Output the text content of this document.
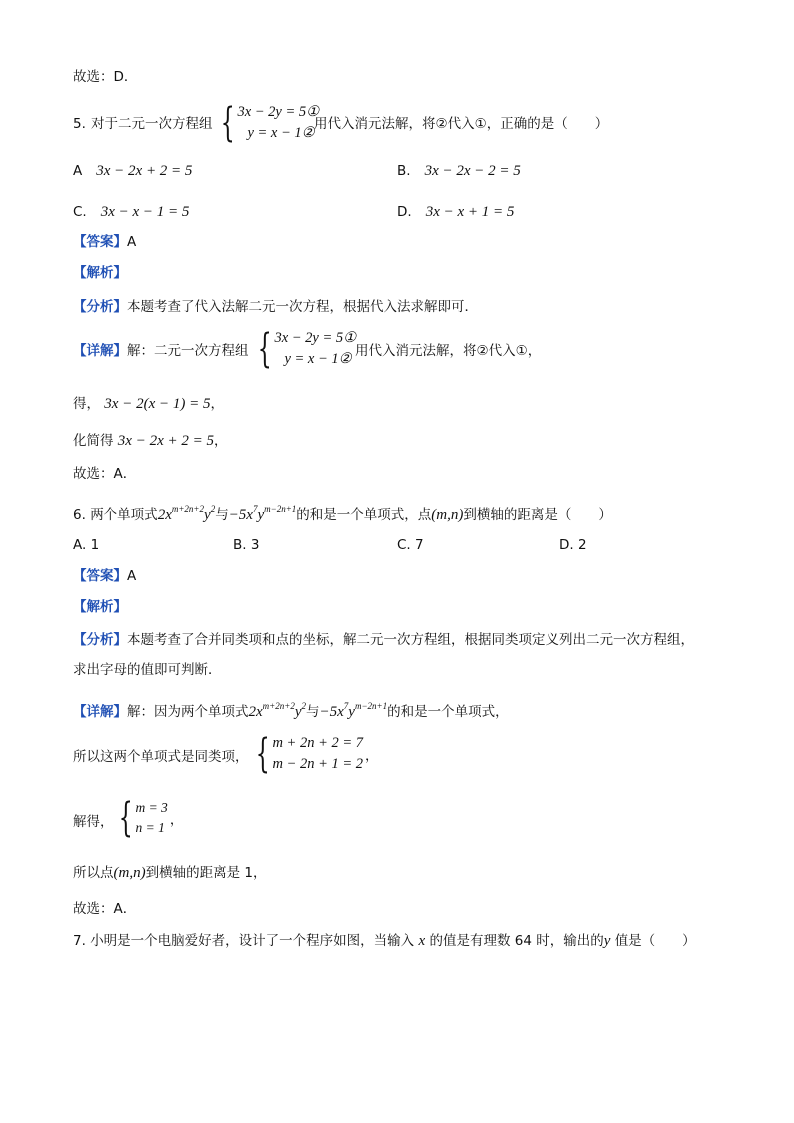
故选：D．
5. 对于二元一次方程组 { 3x − 2y = 5①
y = x − 1②
用代入消元法解，将②代入①，正确的是（　　）
A 3x − 2x + 2 = 5	B. 3x − 2x − 2 = 5
C. 3x − x − 1 = 5	D. 3x − x + 1 = 5
【答案】A
【解析】
【分析】本题考查了代入法解二元一次方程，根据代入法求解即可．
【详解】解：二元一次方程组 { 3x − 2y = 5①
y = x − 1② 用代入消元法解，将②代入①，
得， 3x − 2(x − 1) = 5，
化简得 3x − 2x + 2 = 5，
故选：A．
6. 两个单项式$2x^{m+2n+2}y^2$与$-5x^7y^{m-2n+1}$的和是一个单项式，点(m,n)到横轴的距离是（　　）
A. 1	B. 3	C. 7	D. 2
【答案】A
【解析】
【分析】本题考查了合并同类项和点的坐标，解二元一次方程组，根据同类项定义列出二元一次方程组，
求出字母的值即可判断．
【详解】解：因为两个单项式$2x^{m+2n+2}y^2$与$-5x^7y^{m-2n+1}$的和是一个单项式，
所以这两个单项式是同类项， { m + 2n + 2 = 7
m − 2n + 1 = 2 ，
解得， { m = 3
n = 1 ，
所以点(m,n)到横轴的距离是 1，
故选：A．
7. 小明是一个电脑爱好者，设计了一个程序如图，当输入 x 的值是有理数 64 时，输出的y 值是（　　）
